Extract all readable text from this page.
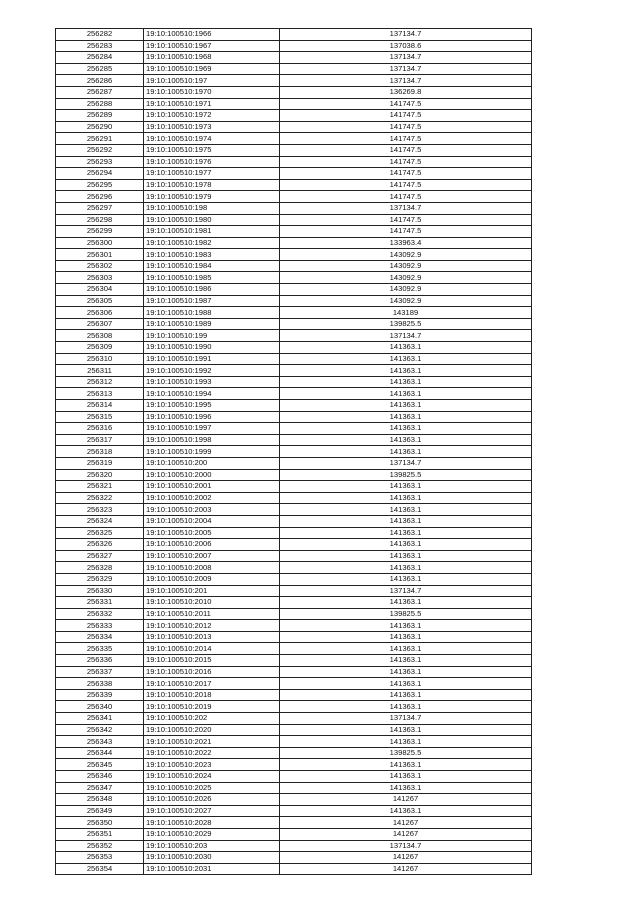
256282	19:10:100510:1966	137134.7
256283	19:10:100510:1967	137038.6
256284	19:10:100510:1968	137134.7
256285	19:10:100510:1969	137134.7
256286	19:10:100510:197	137134.7
256287	19:10:100510:1970	136269.8
256288	19:10:100510:1971	141747.5
256289	19:10:100510:1972	141747.5
256290	19:10:100510:1973	141747.5
256291	19:10:100510:1974	141747.5
256292	19:10:100510:1975	141747.5
256293	19:10:100510:1976	141747.5
256294	19:10:100510:1977	141747.5
256295	19:10:100510:1978	141747.5
256296	19:10:100510:1979	141747.5
256297	19:10:100510:198	137134.7
256298	19:10:100510:1980	141747.5
256299	19:10:100510:1981	141747.5
256300	19:10:100510:1982	133963.4
256301	19:10:100510:1983	143092.9
256302	19:10:100510:1984	143092.9
256303	19:10:100510:1985	143092.9
256304	19:10:100510:1986	143092.9
256305	19:10:100510:1987	143092.9
256306	19:10:100510:1988	143189
256307	19:10:100510:1989	139825.5
256308	19:10:100510:199	137134.7
256309	19:10:100510:1990	141363.1
256310	19:10:100510:1991	141363.1
256311	19:10:100510:1992	141363.1
256312	19:10:100510:1993	141363.1
256313	19:10:100510:1994	141363.1
256314	19:10:100510:1995	141363.1
256315	19:10:100510:1996	141363.1
256316	19:10:100510:1997	141363.1
256317	19:10:100510:1998	141363.1
256318	19:10:100510:1999	141363.1
256319	19:10:100510:200	137134.7
256320	19:10:100510:2000	139825.5
256321	19:10:100510:2001	141363.1
256322	19:10:100510:2002	141363.1
256323	19:10:100510:2003	141363.1
256324	19:10:100510:2004	141363.1
256325	19:10:100510:2005	141363.1
256326	19:10:100510:2006	141363.1
256327	19:10:100510:2007	141363.1
256328	19:10:100510:2008	141363.1
256329	19:10:100510:2009	141363.1
256330	19:10:100510:201	137134.7
256331	19:10:100510:2010	141363.1
256332	19:10:100510:2011	139825.5
256333	19:10:100510:2012	141363.1
256334	19:10:100510:2013	141363.1
256335	19:10:100510:2014	141363.1
256336	19:10:100510:2015	141363.1
256337	19:10:100510:2016	141363.1
256338	19:10:100510:2017	141363.1
256339	19:10:100510:2018	141363.1
256340	19:10:100510:2019	141363.1
256341	19:10:100510:202	137134.7
256342	19:10:100510:2020	141363.1
256343	19:10:100510:2021	141363.1
256344	19:10:100510:2022	139825.5
256345	19:10:100510:2023	141363.1
256346	19:10:100510:2024	141363.1
256347	19:10:100510:2025	141363.1
256348	19:10:100510:2026	141267
256349	19:10:100510:2027	141363.1
256350	19:10:100510:2028	141267
256351	19:10:100510:2029	141267
256352	19:10:100510:203	137134.7
256353	19:10:100510:2030	141267
256354	19:10:100510:2031	141267
